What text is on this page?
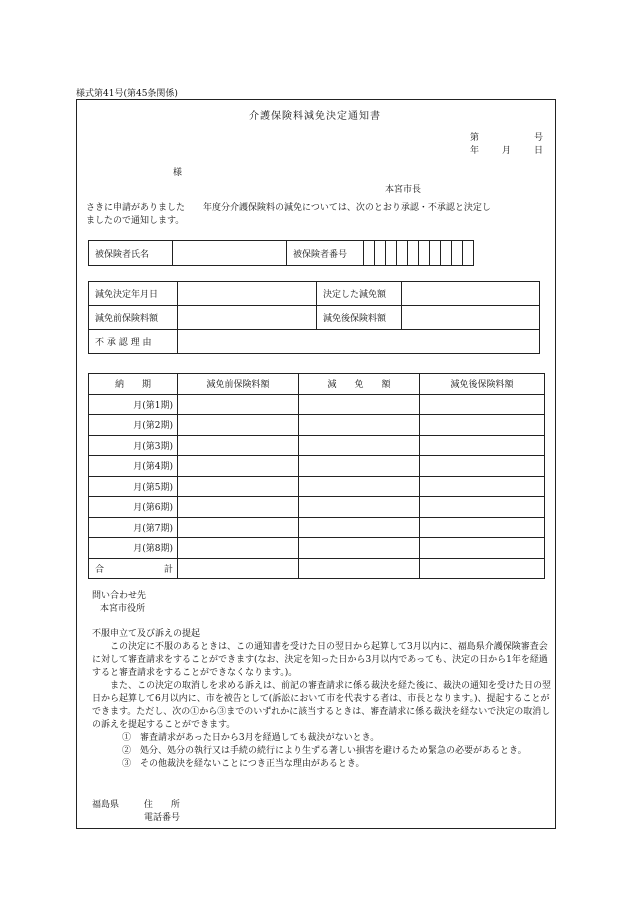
様式第41号(第45条関係)
介護保険料減免決定通知書
第	号
年	月	日
様
本宮市長
さきに申請がありました　　年度分介護保険料の減免については、次のとおり承認・不承認と決定し
ましたので通知します。
被保険者氏名		被保険者番号										
減免決定年月日		決定した減免額	
減免前保険料額		減免後保険料額	
不 承 認 理 由			
納　　期	減免前保険料額	減　　免　　額	減免後保険料額
月(第1期)			
月(第2期)			
月(第3期)			
月(第4期)			
月(第5期)			
月(第6期)			
月(第7期)			
月(第8期)			
合 計			

問い合わせ先
本宮市役所

不服申立て及び訴えの提起

この決定に不服のあるときは、この通知書を受けた日の翌日から起算して3月以内に、福島県介護保険審査会に対して審査請求をすることができます(なお、決定を知った日から3月以内であっても、決定の日から1年を経過すると審査請求をすることができなくなります。)。

また、この決定の取消しを求める訴えは、前記の審査請求に係る裁決を経た後に、裁決の通知を受けた日の翌日から起算して6月以内に、市を被告として(訴訟において市を代表する者は、市長となります。)、提起することができます。ただし、次の①から③までのいずれかに該当するときは、審査請求に係る裁決を経ないで決定の取消しの訴えを提起することができます。

①　審査請求があった日から3月を経過しても裁決がないとき。

②　処分、処分の執行又は手続の続行により生ずる著しい損害を避けるため緊急の必要があるとき。

③　その他裁決を経ないことにつき正当な理由があるとき。

福島県	住　　所
電話番号
